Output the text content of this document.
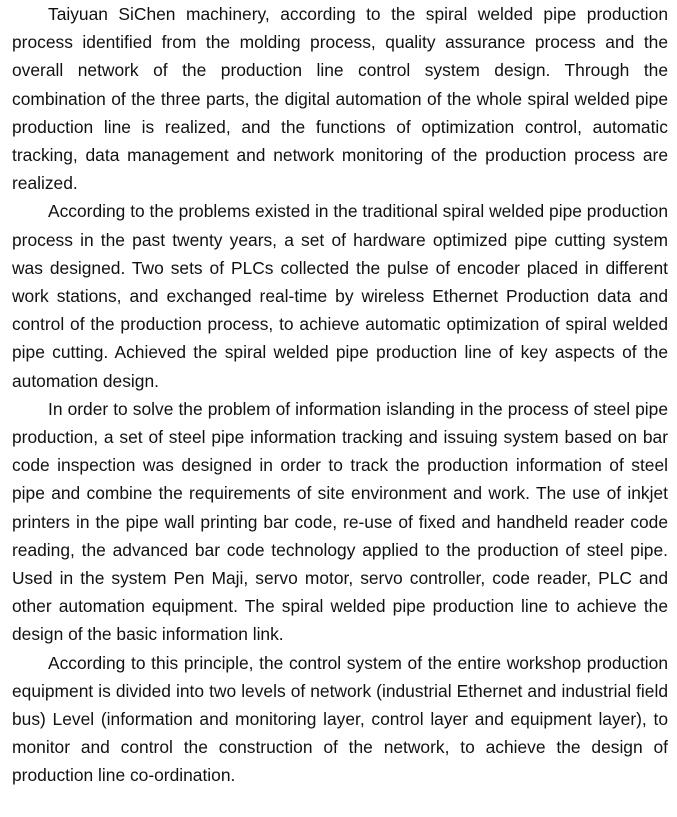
Taiyuan SiChen machinery, according to the spiral welded pipe production process identified from the molding process, quality assurance process and the overall network of the production line control system design. Through the combination of the three parts, the digital automation of the whole spiral welded pipe production line is realized, and the functions of optimization control, automatic tracking, data management and network monitoring of the production process are realized.

According to the problems existed in the traditional spiral welded pipe production process in the past twenty years, a set of hardware optimized pipe cutting system was designed. Two sets of PLCs collected the pulse of encoder placed in different work stations, and exchanged real-time by wireless Ethernet Production data and control of the production process, to achieve automatic optimization of spiral welded pipe cutting. Achieved the spiral welded pipe production line of key aspects of the automation design.

In order to solve the problem of information islanding in the process of steel pipe production, a set of steel pipe information tracking and issuing system based on bar code inspection was designed in order to track the production information of steel pipe and combine the requirements of site environment and work. The use of inkjet printers in the pipe wall printing bar code, re-use of fixed and handheld reader code reading, the advanced bar code technology applied to the production of steel pipe. Used in the system Pen Maji, servo motor, servo controller, code reader, PLC and other automation equipment. The spiral welded pipe production line to achieve the design of the basic information link.

According to this principle, the control system of the entire workshop production equipment is divided into two levels of network (industrial Ethernet and industrial field bus) Level (information and monitoring layer, control layer and equipment layer), to monitor and control the construction of the network, to achieve the design of production line co-ordination.
